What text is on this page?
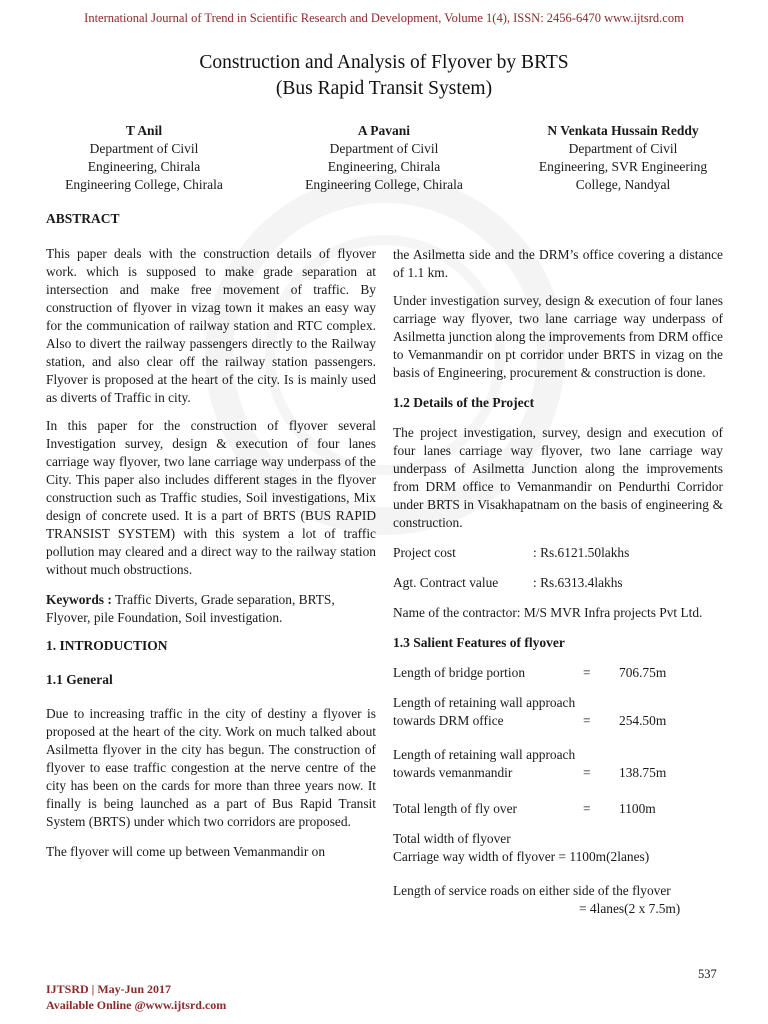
International Journal of Trend in Scientific Research and Development, Volume 1(4), ISSN: 2456-6470 www.ijtsrd.com
Construction and Analysis of Flyover by BRTS
(Bus Rapid Transit System)
T Anil
Department of Civil
Engineering, Chirala
Engineering College, Chirala
A Pavani
Department of Civil
Engineering, Chirala
Engineering College, Chirala
N Venkata Hussain Reddy
Department of Civil
Engineering, SVR Engineering
College, Nandyal
ABSTRACT

This paper deals with the construction details of flyover work. which is supposed to make grade separation at intersection and make free movement of traffic. By construction of flyover in vizag town it makes an easy way for the communication of railway station and RTC complex. Also to divert the railway passengers directly to the Railway station, and also clear off the railway station passengers. Flyover is proposed at the heart of the city. Is is mainly used as diverts of Traffic in city.

In this paper for the construction of flyover several Investigation survey, design & execution of four lanes carriage way flyover, two lane carriage way underpass of the City. This paper also includes different stages in the flyover construction such as Traffic studies, Soil investigations, Mix design of concrete used. It is a part of BRTS (BUS RAPID TRANSIST SYSTEM) with this system a lot of traffic pollution may cleared and a direct way to the railway station without much obstructions.

Keywords : Traffic Diverts, Grade separation, BRTS, Flyover, pile Foundation, Soil investigation.

1. INTRODUCTION
1.1 General

Due to increasing traffic in the city of destiny a flyover is proposed at the heart of the city. Work on much talked about Asilmetta flyover in the city has begun. The construction of flyover to ease traffic congestion at the nerve centre of the city has been on the cards for more than three years now. It finally is being launched as a part of Bus Rapid Transit System (BRTS) under which two corridors are proposed.

The flyover will come up between Vemanmandir on

the Asilmetta side and the DRM’s office covering a distance of 1.1 km.

Under investigation survey, design & execution of four lanes carriage way flyover, two lane carriage way underpass of Asilmetta junction along the improvements from DRM office to Vemanmandir on pt corridor under BRTS in vizag on the basis of Engineering, procurement & construction is done.

1.2 Details of the Project

The project investigation, survey, design and execution of four lanes carriage way flyover, two lane carriage way underpass of Asilmetta Junction along the improvements from DRM office to Vemanmandir on Pendurthi Corridor under BRTS in Visakhapatnam on the basis of engineering & construction.

Project cost	: Rs.6121.50lakhs
Agt. Contract value	: Rs.6313.4lakhs

Name of the contractor: M/S MVR Infra projects Pvt Ltd.

1.3 Salient Features of flyover
Length of bridge portion	= 706.75m
Length of retaining wall approach
towards DRM office	= 254.50m
Length of retaining wall approach
towards vemanmandir	= 138.75m
Total length of fly over	= 1100m
Total width of flyover
Carriage way width of flyover = 1100m(2lanes)
Length of service roads on either side of the flyover
= 4lanes(2 x 7.5m)
537
IJTSRD | May-Jun 2017
Available Online @www.ijtsrd.com
